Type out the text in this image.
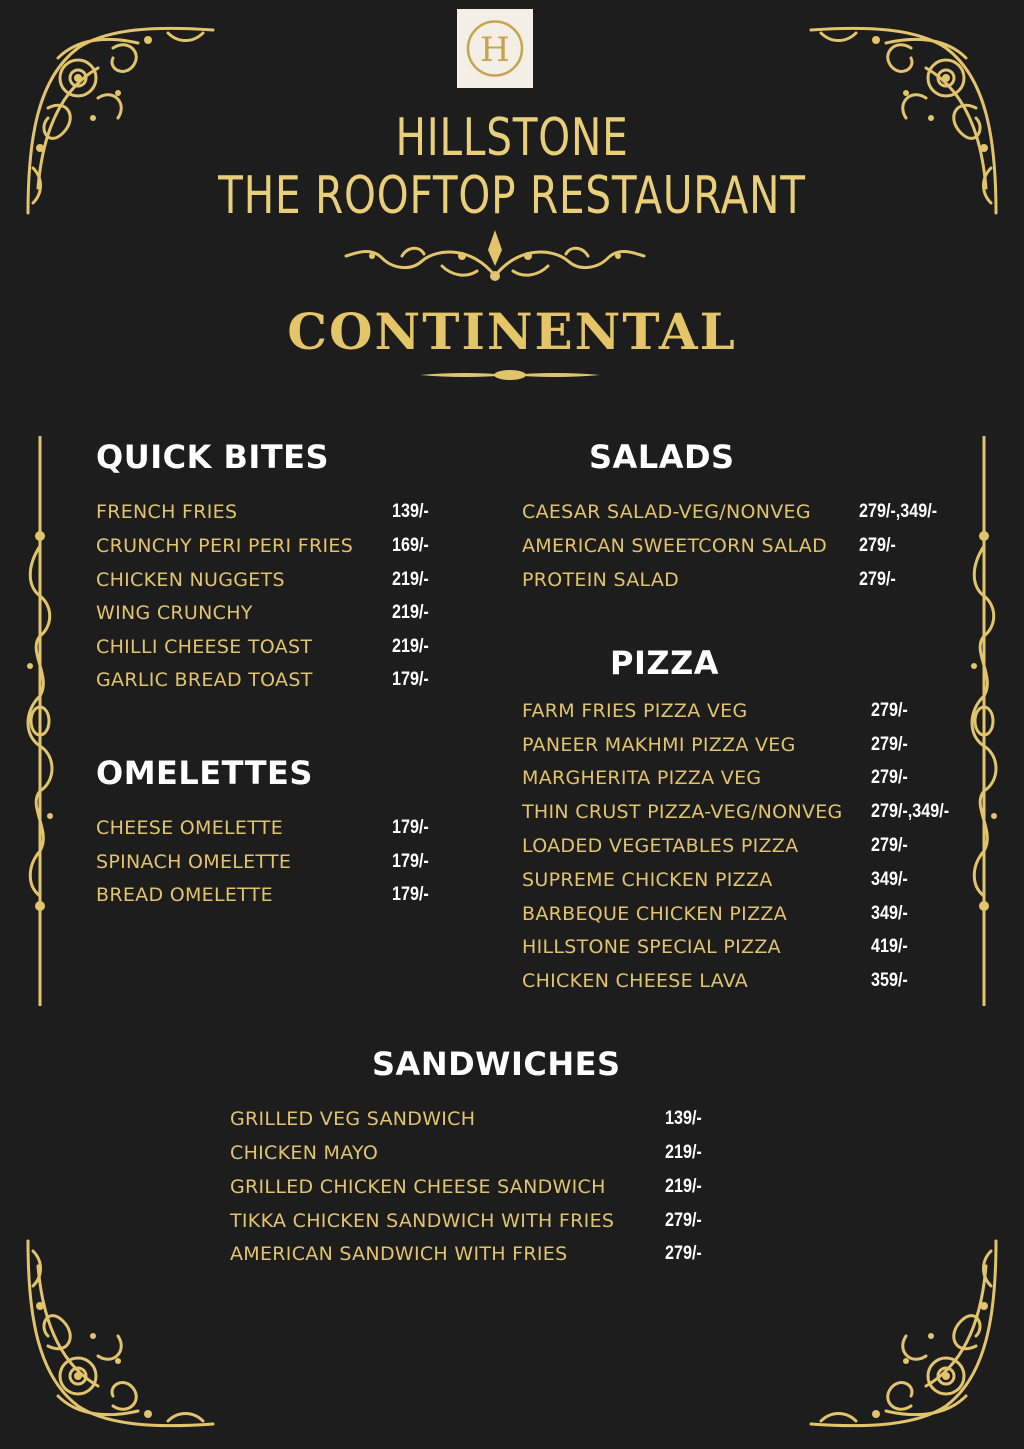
H
HILLSTONE
THE ROOFTOP RESTAURANT
CONTINENTAL
QUICK BITES
FRENCH FRIES	139/-
CRUNCHY PERI PERI FRIES 169/-
CHICKEN NUGGETS	219/-
WING CRUNCHY	219/-
CHILLI CHEESE TOAST	219/-
GARLIC BREAD TOAST	179/-
OMELETTES
CHEESE OMELETTE	179/-
SPINACH OMELETTE	179/-
BREAD OMELETTE	179/-
SALADS
CAESAR SALAD-VEG/NONVEG	279/-,349/-
AMERICAN SWEETCORN SALAD 279/-
PROTEIN SALAD	279/-
PIZZA
FARM FRIES PIZZA VEG	279/-
PANEER MAKHMI PIZZA VEG	279/-
MARGHERITA PIZZA VEG	279/-
THIN CRUST PIZZA-VEG/NONVEG 279/-,349/-
LOADED VEGETABLES PIZZA	279/-
SUPREME CHICKEN PIZZA	349/-
BARBEQUE CHICKEN PIZZA	349/-
HILLSTONE SPECIAL PIZZA	419/-
CHICKEN CHEESE LAVA	359/-
SANDWICHES
GRILLED VEG SANDWICH	139/-
CHICKEN MAYO	219/-
GRILLED CHICKEN CHEESE SANDWICH	219/-
TIKKA CHICKEN SANDWICH WITH FRIES	279/-
AMERICAN SANDWICH WITH FRIES	279/-
